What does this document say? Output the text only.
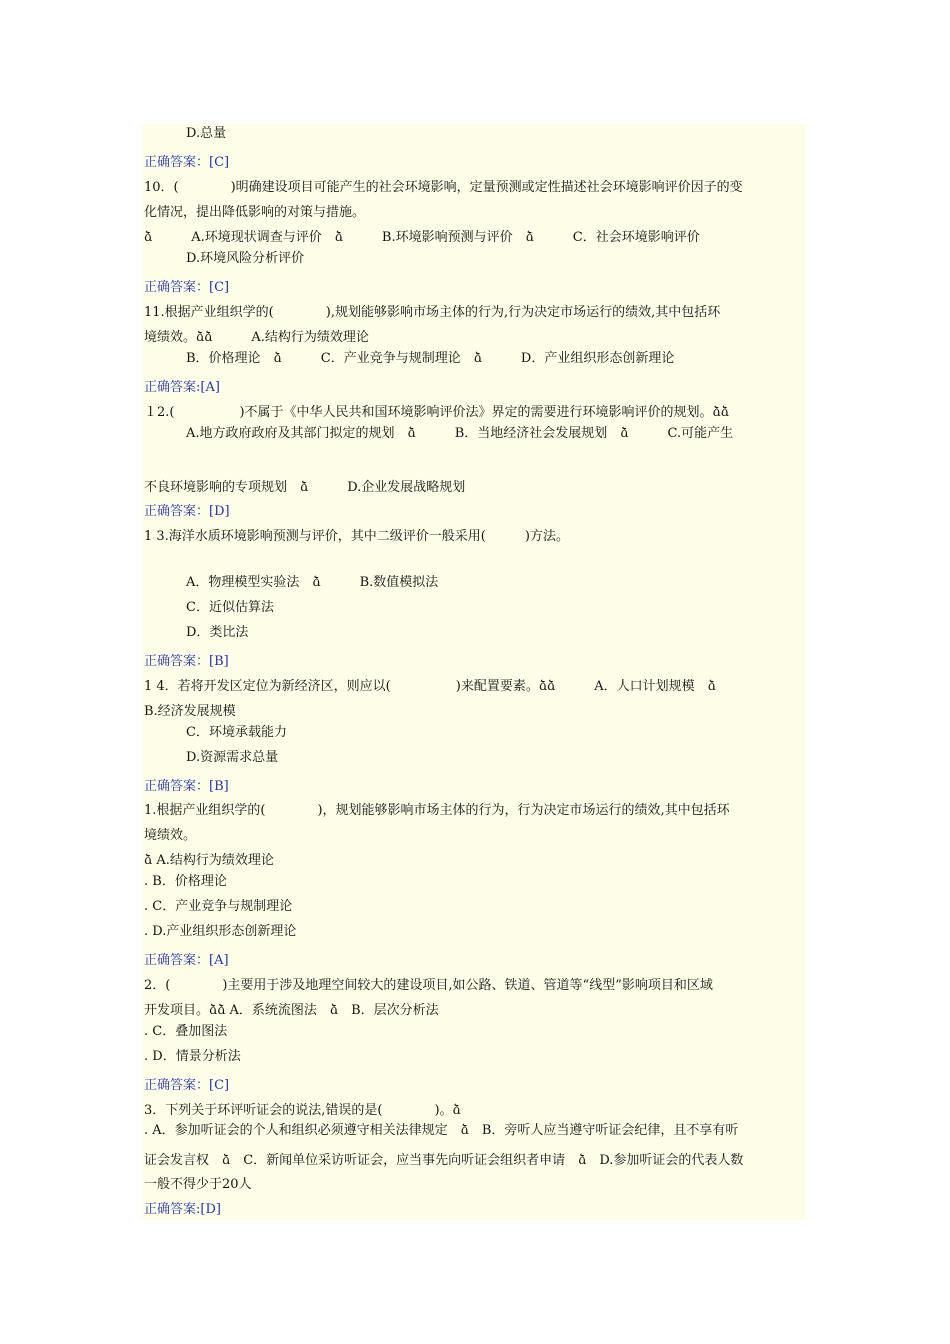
D.总量
正确答案：[C]
10．(　　　　)明确建设项目可能产生的社会环境影响，定量预测或定性描述社会环境影响评价因子的变
化情况，提出降低影响的对策与措施。
ձ　　　A.环境现状调查与评价　ձ　　　B.环境影响预测与评价　ձ　　　C．社会环境影响评价
D.环境风险分析评价
正确答案：[C]
11.根据产业组织学的(　　　　),规划能够影响市场主体的行为,行为决定市场运行的绩效,其中包括环
境绩效。ձձ　　　A.结构行为绩效理论
B．价格理论　ձ　　　C．产业竞争与规制理论　ձ　　　D．产业组织形态创新理论
正确答案:[A]
１2.(　　　　　)不属于《中华人民共和国环境影响评价法》界定的需要进行环境影响评价的规划。ձձ
A.地方政府政府及其部门拟定的规划　ձ　　　B．当地经济社会发展规划　ձ　　　C.可能产生
不良环境影响的专项规划　ձ　　　D.企业发展战略规划
正确答案：[D]
1 3.海洋水质环境影响预测与评价，其中二级评价一般采用(　　　)方法。
A．物理模型实验法　ձ　　　B.数值模拟法
C．近似估算法
D．类比法
正确答案：[B]
1 4．若将开发区定位为新经济区，则应以(　　　　　)来配置要素。ձձ　　　A．人口计划规模　ձ
B.经济发展规模
C．环境承载能力
D.资源需求总量
正确答案：[B]
1.根据产业组织学的(　　　　)，规划能够影响市场主体的行为，行为决定市场运行的绩效,其中包括环
境绩效。
ձ A.结构行为绩效理论
. B．价格理论
. C．产业竞争与规制理论
. D.产业组织形态创新理论
正确答案：[A]
2．(　　　　)主要用于涉及地理空间较大的建设项目,如公路、铁道、管道等“线型”影响项目和区域
开发项目。ձձ A．系统流图法　ձ　B．层次分析法
. C．叠加图法
. D．情景分析法
正确答案：[C]
3．下列关于环评听证会的说法,错误的是(　　　　)。ձ
. A．参加听证会的个人和组织必须遵守相关法律规定　ձ　B．旁听人应当遵守听证会纪律，且不享有听
证会发言权　ձ　C．新闻单位采访听证会，应当事先向听证会组织者申请　ձ　D.参加听证会的代表人数
一般不得少于20人
正确答案:[D]
